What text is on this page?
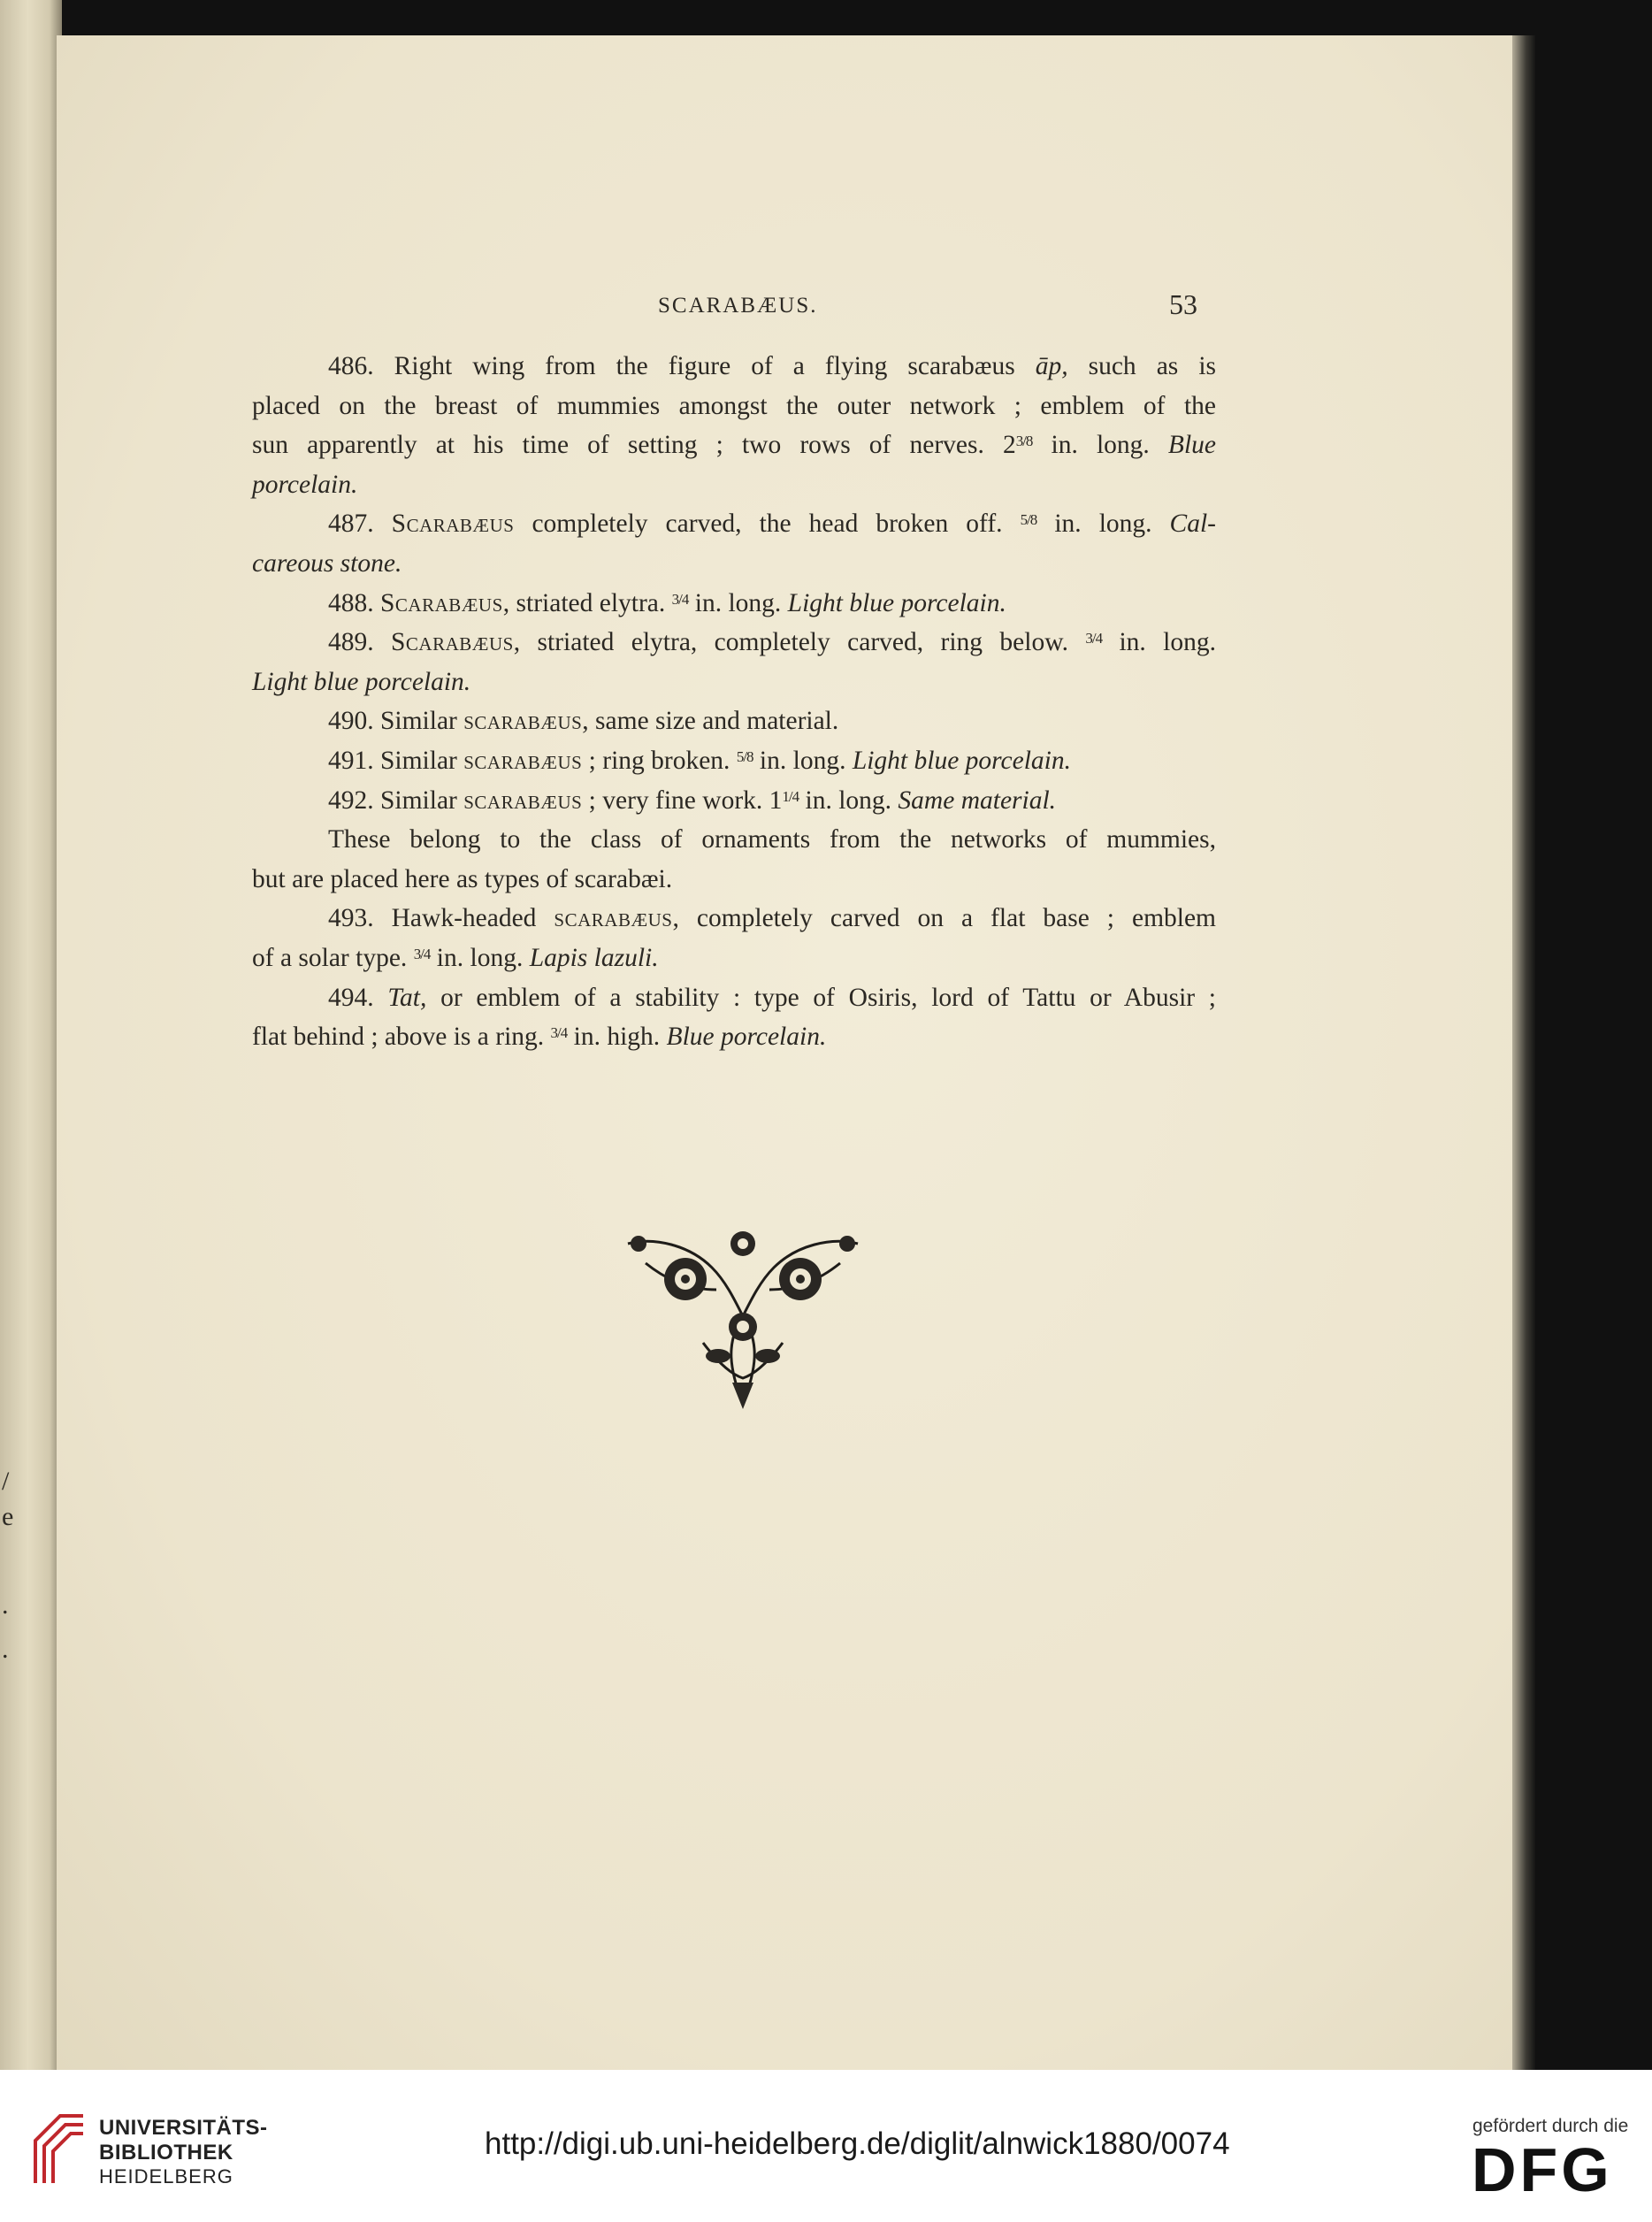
/
e
.
.
SCARABÆUS.	53
486. Right wing from the figure of a flying scarabæus āp, such as is
placed on the breast of mummies amongst the outer network ; emblem of the
sun apparently at his time of setting ; two rows of nerves. $2^{3/8}$ in. long. Blue
porcelain.
487. Scarabæus completely carved, the head broken off. $^{5/8}$ in. long. Cal-
careous stone.
488. Scarabæus, striated elytra. $^{3/4}$ in. long. Light blue porcelain.
489. Scarabæus, striated elytra, completely carved, ring below. $^{3/4}$ in. long.
Light blue porcelain.
490. Similar scarabæus, same size and material.
491. Similar scarabæus ; ring broken. $^{5/8}$ in. long. Light blue porcelain.
492. Similar scarabæus ; very fine work. $1^{1/4}$ in. long. Same material.
These belong to the class of ornaments from the networks of mummies,
but are placed here as types of scarabæi.
493. Hawk-headed scarabæus, completely carved on a flat base ; emblem
of a solar type. $^{3/4}$ in. long. Lapis lazuli.
494. Tat, or emblem of a stability : type of Osiris, lord of Tattu or Abusir ;
flat behind ; above is a ring. $^{3/4}$ in. high. Blue porcelain.
UNIVERSITÄTS-
BIBLIOTHEK
HEIDELBERG
http://digi.ub.uni-heidelberg.de/diglit/alnwick1880/0074
gefördert durch die
DFG
